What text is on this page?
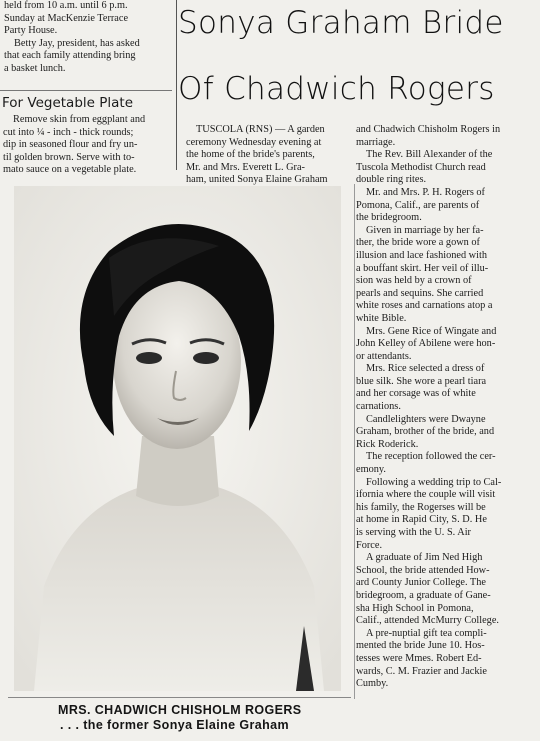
held from 10 a.m. until 6 p.m.
Sunday at MacKenzie Terrace
Party House.
Betty Jay, president, has asked
that each family attending bring
a basket lunch.
For Vegetable Plate
Remove skin from eggplant and
cut into ¼ - inch - thick rounds;
dip in seasoned flour and fry un-
til golden brown. Serve with to-
mato sauce on a vegetable plate.
Sonya Graham Bride
Of Chadwich Rogers
TUSCOLA (RNS) — A garden
ceremony Wednesday evening at
the home of the bride's parents,
Mr. and Mrs. Everett L. Gra-
ham, united Sonya Elaine Graham
and Chadwich Chisholm Rogers in
marriage.
The Rev. Bill Alexander of the
Tuscola Methodist Church read
double ring rites.
Mr. and Mrs. P. H. Rogers of
Pomona, Calif., are parents of
the bridegroom.
Given in marriage by her fa-
ther, the bride wore a gown of
illusion and lace fashioned with
a bouffant skirt. Her veil of illu-
sion was held by a crown of
pearls and sequins. She carried
white roses and carnations atop a
white Bible.
Mrs. Gene Rice of Wingate and
John Kelley of Abilene were hon-
or attendants.
Mrs. Rice selected a dress of
blue silk. She wore a pearl tiara
and her corsage was of white
carnations.
Candlelighters were Dwayne
Graham, brother of the bride, and
Rick Roderick.
The reception followed the cer-
emony.
Following a wedding trip to Cal-
ifornia where the couple will visit
his family, the Rogerses will be
at home in Rapid City, S. D. He
is serving with the U. S. Air
Force.
A graduate of Jim Ned High
School, the bride attended How-
ard County Junior College. The
bridegroom, a graduate of Gane-
sha High School in Pomona,
Calif., attended McMurry College.
A pre-nuptial gift tea compli-
mented the bride June 10. Hos-
tesses were Mmes. Robert Ed-
wards, C. M. Frazier and Jackie
Cumby.
MRS. CHADWICH CHISHOLM ROGERS
. . . the former Sonya Elaine Graham
